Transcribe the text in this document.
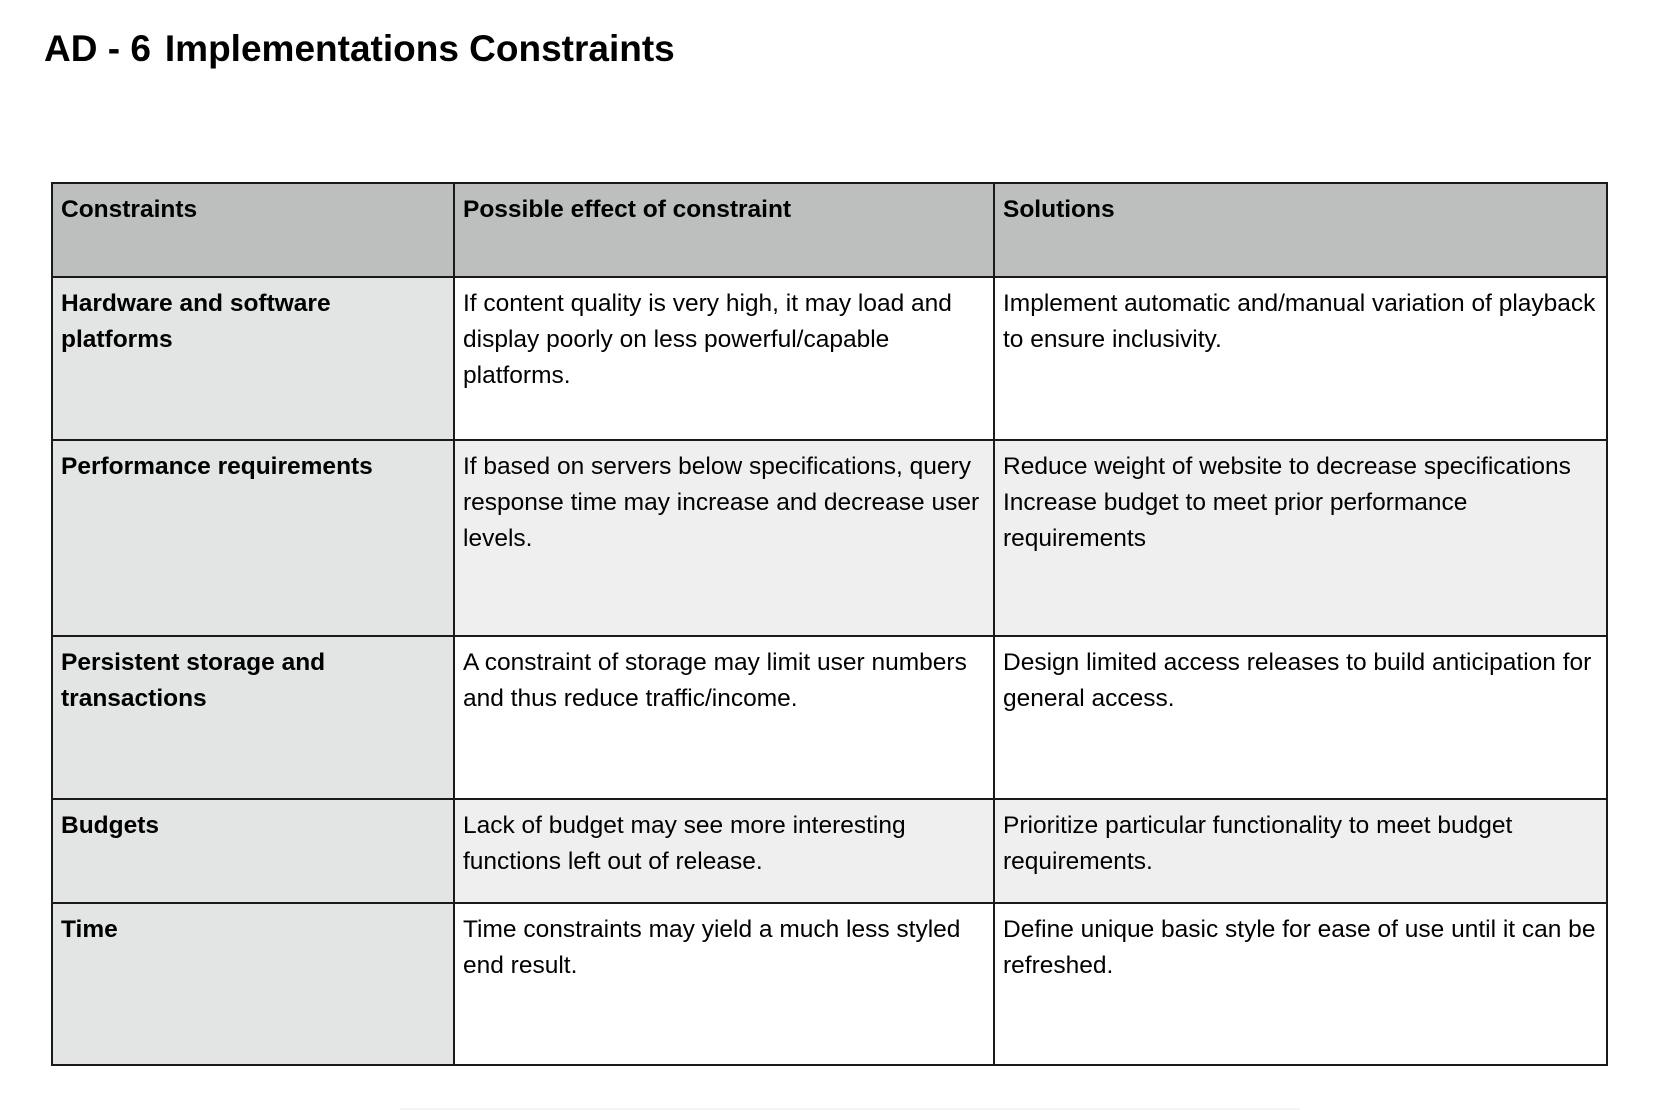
AD - 6 Implementations Constraints
Constraints	Possible effect of constraint	Solutions
Hardware and software platforms	If content quality is very high, it may load and display poorly on less powerful/capable platforms.	Implement automatic and/manual variation of playback to ensure inclusivity.

Performance requirements	If based on servers below specifications, query response time may increase and decrease user levels.	Reduce weight of website to decrease specifications
Increase budget to meet prior performance requirements

Persistent storage and transactions	A constraint of storage may limit user numbers and thus reduce traffic/income.	Design limited access releases to build anticipation for general access.

Budgets	Lack of budget may see more interesting functions left out of release.	Prioritize particular functionality to meet budget requirements.

Time	Time constraints may yield a much less styled end result.	Define unique basic style for ease of use until it can be refreshed.
